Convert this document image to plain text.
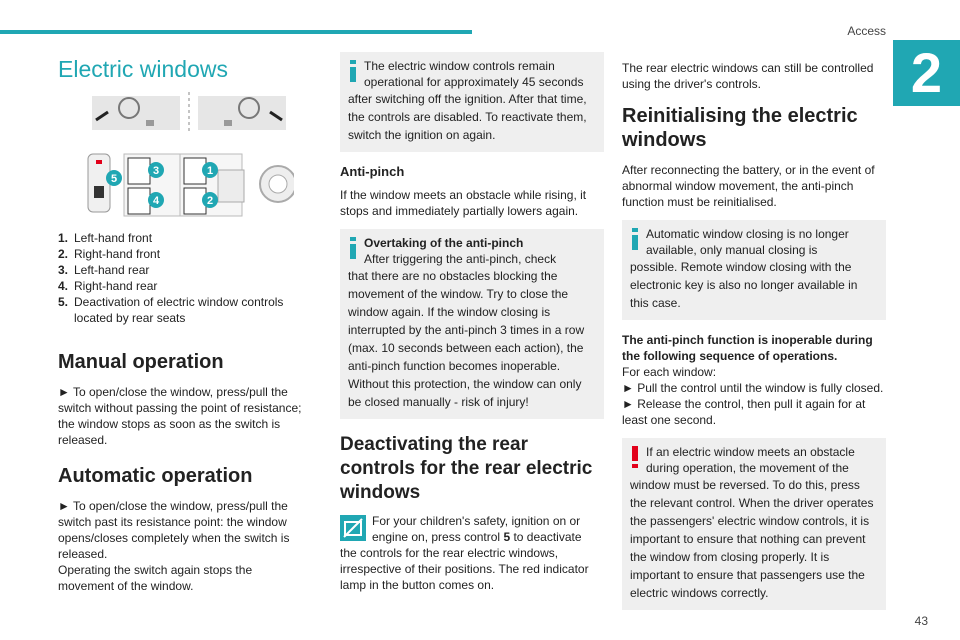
Access
2
43
Electric windows
5
3
4
1
2
1. Left-hand front
2. Right-hand front
3. Left-hand rear
4. Right-hand rear
5. Deactivation of electric window controls located by rear seats
Manual operation
► To open/close the window, press/pull the switch without passing the point of resistance; the window stops as soon as the switch is released.
Automatic operation
► To open/close the window, press/pull the switch past its resistance point: the window opens/closes completely when the switch is released.
Operating the switch again stops the movement of the window.
The electric window controls remain operational for approximately 45 seconds
after switching off the ignition. After that time, the controls are disabled. To reactivate them, switch the ignition on again.
Anti-pinch
If the window meets an obstacle while rising, it stops and immediately partially lowers again.
Overtaking of the anti-pinch
After triggering the anti-pinch, check
that there are no obstacles blocking the movement of the window. Try to close the window again. If the window closing is interrupted by the anti-pinch 3 times in a row (max. 10 seconds between each action), the anti-pinch function becomes inoperable. Without this protection, the window can only be closed manually - risk of injury!
Deactivating the rear controls for the rear electric windows
For your children's safety, ignition on or engine on, press control 5 to deactivate
the controls for the rear electric windows, irrespective of their positions. The red indicator lamp in the button comes on.
The rear electric windows can still be controlled using the driver's controls.
Reinitialising the electric windows
After reconnecting the battery, or in the event of abnormal window movement, the anti-pinch function must be reinitialised.
Automatic window closing is no longer available, only manual closing is
possible. Remote window closing with the electronic key is also no longer available in this case.
The anti-pinch function is inoperable during the following sequence of operations.
For each window:
► Pull the control until the window is fully closed.
► Release the control, then pull it again for at least one second.
If an electric window meets an obstacle during operation, the movement of the
window must be reversed. To do this, press the relevant control. When the driver operates the passengers' electric window controls, it is important to ensure that nothing can prevent the window from closing properly. It is important to ensure that passengers use the electric windows correctly.
